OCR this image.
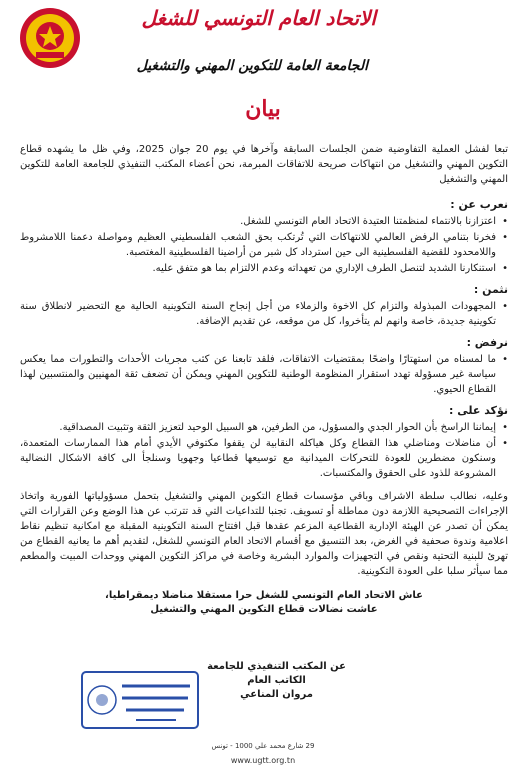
الاتحاد العام التونسي للشغل
الجامعة العامة للتكوين المهني والتشغيل
بيان

تبعا لفشل العملية التفاوضية ضمن الجلسات السابقة وآخرها في يوم 20 جوان 2025، وفي ظل ما يشهده قطاع التكوين المهني والتشغيل من انتهاكات صريحة للاتفاقات المبرمة، نحن أعضاء المكتب التنفيذي للجامعة العامة للتكوين المهني والتشغيل

نعرب عن :
• اعتزازنا بالانتماء لمنظمتنا العتيدة الاتحاد العام التونسي للشغل.
• فخرنا بتنامي الرفض العالمي للانتهاكات التي تُرتكب بحق الشعب الفلسطيني العظيم ومواصلة دعمنا اللامشروط واللامحدود للقضية الفلسطينية الى حين استرداد كل شبر من أراضينا الفلسطينية المغتصبة.
• استنكارنا الشديد لتنصل الطرف الإداري من تعهداته وعدم الالتزام بما هو متفق عليه.
نثمن :
• المجهودات المبذولة والتزام كل الاخوة والزملاء من أجل إنجاح السنة التكوينية الحالية مع التحضير لانطلاق سنة تكوينية جديدة، خاصة وانهم لم يتأخروا، كل من موقعه، عن تقديم الإضافة.
نرفض :
• ما لمسناه من استهتارًا واضحًا بمقتضيات الاتفاقات، فلقد تابعنا عن كثب مجريات الأحداث والتطورات مما يعكس سياسة غير مسؤولة تهدد استقرار المنظومة الوطنية للتكوين المهني ويمكن أن تضعف ثقة المهنيين والمنتسبين لهذا القطاع الحيوي.
نؤكد على :
• إيماننا الراسخ بأن الحوار الجدي والمسؤول، من الطرفين، هو السبيل الوحيد لتعزيز الثقة وتثبيت المصداقية.
• أن مناضلات ومناضلي هذا القطاع وكل هياكله النقابية لن يقفوا مكتوفي الأيدي أمام هذا الممارسات المتعمدة، وسنكون مضطرين للعودة للتحركات الميدانية مع توسيعها قطاعيا وجهويا وسنلجأ الى كافة الاشكال النضالية المشروعة للذود على الحقوق والمكتسبات.

وعليه، نطالب سلطة الاشراف وباقي مؤسسات قطاع التكوين المهني والتشغيل بتحمل مسؤولياتها الفورية واتخاذ الإجراءات التصحيحية اللازمة دون مماطلة أو تسويف. تجنبا للتداعيات التي قد تترتب عن هذا الوضع وعن القرارات التي يمكن أن تصدر عن الهيئة الإدارية القطاعية المزعم عقدها قبل افتتاح السنة التكوينية المقبلة مع امكانية تنظيم نقاط اعلامية وندوة صحفية في الغرض، بعد التنسيق مع أقسام الاتحاد العام التونسي للشغل، لتقديم أهم ما يعانيه القطاع من تهرئ للبنية التحتية ونقص في التجهيزات والموارد البشرية وخاصة في مراكز التكوين المهني ووحدات المبيت والمطعم مما سيأثر سلبا على العودة التكوينية.

عاش الاتحاد العام التونسي للشغل حرا مستقلا مناضلا ديمقراطيا،
عاشت نضالات قطاع التكوين المهني والتشغيل
عن المكتب التنفيذي للجامعة
الكاتب العام
مروان المناعي
29 شارع محمد علي 1000 - تونس
www.ugtt.org.tn
